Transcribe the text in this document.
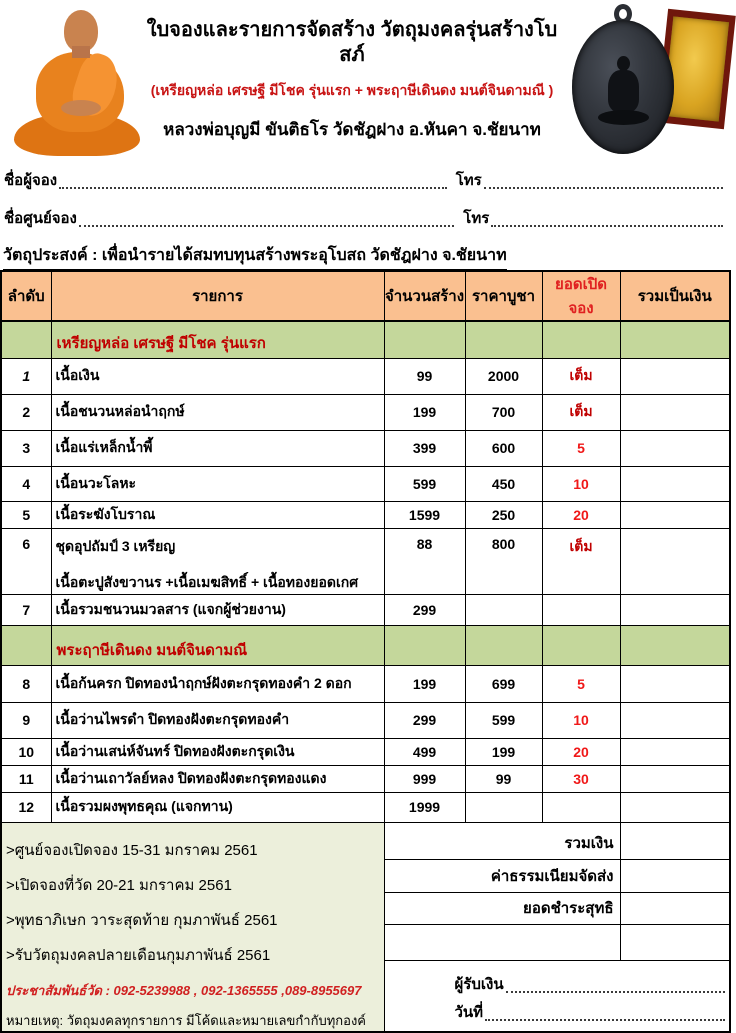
ใบจองและรายการจัดสร้าง วัตถุมงคลรุ่นสร้างโบสภ์
(เหรียญหล่อ เศรษฐี มีโชค รุ่นแรก + พระฤาษีเดินดง มนต์จินดามณี )
หลวงพ่อบุญมี ขันติธโร วัดชัฎฝาง อ.หันคา จ.ชัยนาท
ชื่อผู้จอง	โทร
ชื่อศูนย์จอง	โทร
วัตถุประสงค์ : เพื่อนำรายได้สมทบทุนสร้างพระอุโบสถ วัดชัฎฝาง จ.ชัยนาท
ลำดับ	รายการ	จำนวนสร้าง	ราคาบูชา	ยอดเปิดจอง	รวมเป็นเงิน
	เหรียญหล่อ เศรษฐี มีโชค รุ่นแรก				
1	เนื้อเงิน	99	2000	เต็ม	
2	เนื้อชนวนหล่อนำฤกษ์	199	700	เต็ม	
3	เนื้อแร่เหล็กน้ำพี้	399	600	5	
4	เนื้อนวะโลหะ	599	450	10	
5	เนื้อระฆังโบราณ	1599	250	20	
6	ชุดอุปถัมป์ 3 เหรียญ
เนื้อตะปูสังขวานร +เนื้อเมฆสิทธิ์ + เนื้อทองยอดเกศ	88	800	เต็ม	
7	เนื้อรวมชนวนมวลสาร (แจกผู้ช่วยงาน)	299			
	พระฤาษีเดินดง มนต์จินดามณี				
8	เนื้อก้นครก ปิดทองนำฤกษ์ฝังตะกรุดทองคำ 2 ดอก	199	699	5	
9	เนื้อว่านไพรดำ ปิดทองฝังตะกรุดทองคำ	299	599	10	
10	เนื้อว่านเสน่ห์จันทร์ ปิดทองฝังตะกรุดเงิน	499	199	20	
11	เนื้อว่านเถาวัลย์หลง ปิดทองฝังตะกรุดทองแดง	999	99	30	
12	เนื้อรวมผงพุทธคุณ (แจกทาน)	1999			

>ศูนย์จองเปิดจอง 15-31 มกราคม 2561
>เปิดจองที่วัด 20-21 มกราคม 2561
>พุทธาภิเษก วาระสุดท้าย กุมภาพันธ์ 2561
>รับวัตถุมงคลปลายเดือนกุมภาพันธ์ 2561
ประชาสัมพันธ์วัด : 092-5239988 , 092-1365555 ,089-8955697
หมายเหตุ: วัตถุมงคลทุกรายการ มีโค้ดและหมายเลขกำกับทุกองค์
	รวมเงิน	
		ค่าธรรมเนียมจัดส่ง			
		ยอดชำระสุทธิ			

		ผู้รับเงิน
วันที่			
